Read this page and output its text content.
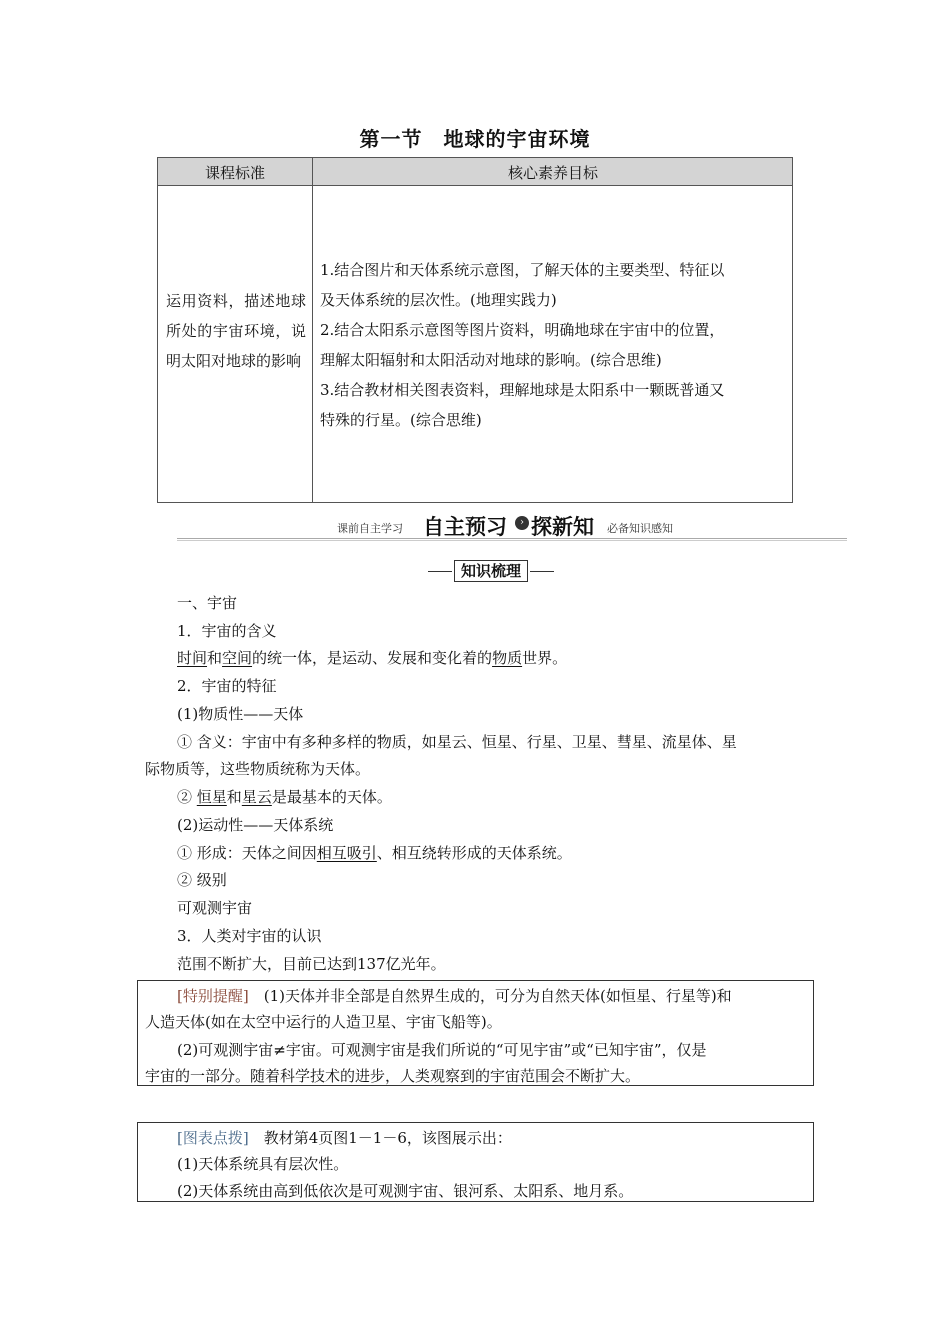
第一节　地球的宇宙环境
课程标准	核心素养目标
运用资料，描述地球所处的宇宙环境，说明太阳对地球的影响
1.结合图片和天体系统示意图，了解天体的主要类型、特征以
及天体系统的层次性。(地理实践力)
2.结合太阳系示意图等图片资料，明确地球在宇宙中的位置，
理解太阳辐射和太阳活动对地球的影响。(综合思维)
3.结合教材相关图表资料，理解地球是太阳系中一颗既普通又
特殊的行星。(综合思维)
课前自主学习 自主预习	› 探新知 必备知识感知
知识梳理
一、宇宙
1．宇宙的含义
时间和空间的统一体，是运动、发展和变化着的物质世界。
2．宇宙的特征
(1)物质性——天体
① 含义：宇宙中有多种多样的物质，如星云、恒星、行星、卫星、彗星、流星体、星
际物质等，这些物质统称为天体。
② 恒星和星云是最基本的天体。
(2)运动性——天体系统
① 形成：天体之间因相互吸引、相互绕转形成的天体系统。
② 级别
可观测宇宙
3．人类对宇宙的认识
范围不断扩大，目前已达到137亿光年。
[特别提醒]　(1)天体并非全部是自然界生成的，可分为自然天体(如恒星、行星等)和
人造天体(如在太空中运行的人造卫星、宇宙飞船等)。
(2)可观测宇宙≠宇宙。可观测宇宙是我们所说的“可见宇宙”或“已知宇宙”，仅是
宇宙的一部分。随着科学技术的进步，人类观察到的宇宙范围会不断扩大。
[图表点拨]　教材第4页图1－1－6，该图展示出：
(1)天体系统具有层次性。
(2)天体系统由高到低依次是可观测宇宙、银河系、太阳系、地月系。
